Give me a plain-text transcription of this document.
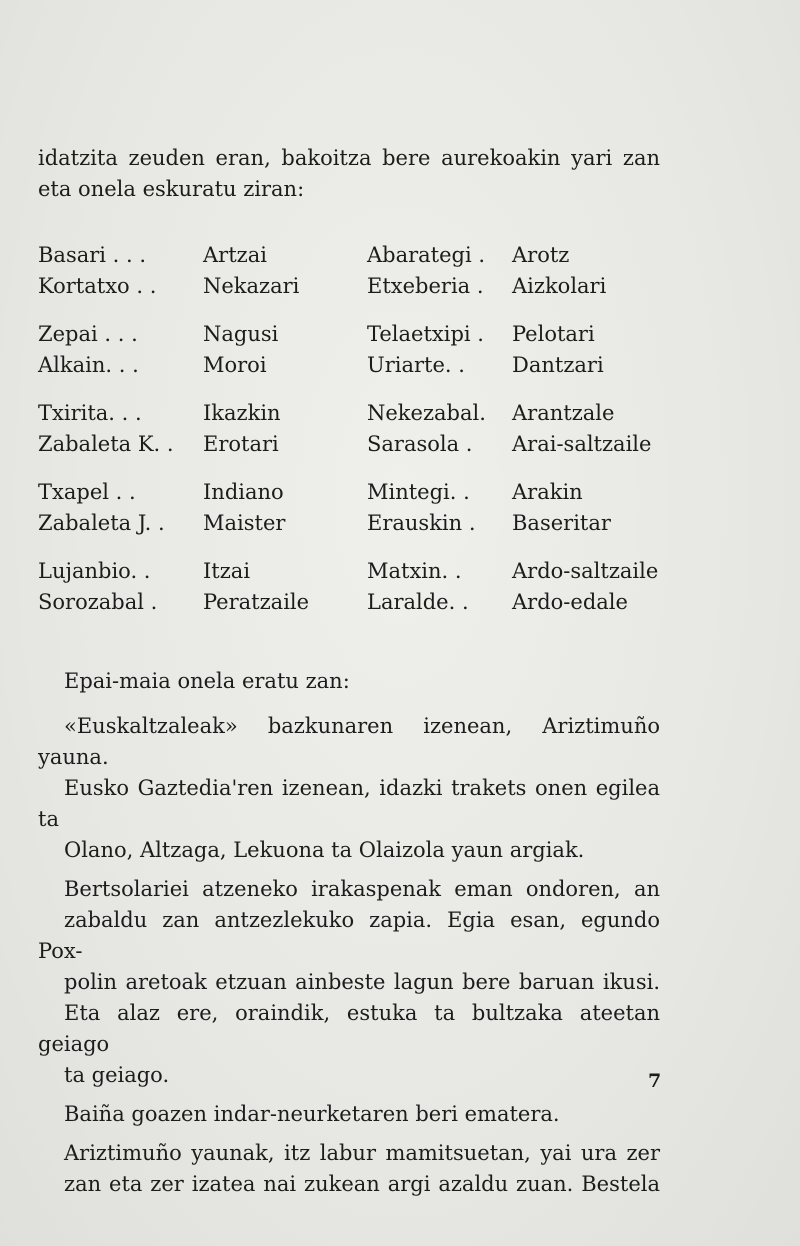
idatzita zeuden eran, bakoitza bere aurekoakin yari zan
eta onela eskuratu ziran:
Basari . . .	Artzai	Abarategi .	Arotz
Kortatxo . .	Nekazari	Etxeberia .	Aizkolari
Zepai . . .	Nagusi	Telaetxipi .	Pelotari
Alkain. . .	Moroi	Uriarte. .	Dantzari
Txirita. . .	Ikazkin	Nekezabal.	Arantzale
Zabaleta K. .	Erotari	Sarasola .	Arai-saltzaile
Txapel . .	Indiano	Mintegi. .	Arakin
Zabaleta J. .	Maister	Erauskin .	Baseritar
Lujanbio. .	Itzai	Matxin. .	Ardo-saltzaile
Sorozabal .	Peratzaile	Laralde. .	Ardo-edale

Epai-maia onela eratu zan:

«Euskaltzaleak» bazkunaren izenean, Ariztimuño yauna.
Eusko Gaztedia'ren izenean, idazki trakets onen egilea ta
Olano, Altzaga, Lekuona ta Olaizola yaun argiak.

Bertsolariei atzeneko irakaspenak eman ondoren, an
zabaldu zan antzezlekuko zapia. Egia esan, egundo Pox-
polin aretoak etzuan ainbeste lagun bere baruan ikusi.
Eta alaz ere, oraindik, estuka ta bultzaka ateetan geiago
ta geiago.

Baiña goazen indar-neurketaren beri ematera.

Ariztimuño yaunak, itz labur mamitsuetan, yai ura zer
zan eta zer izatea nai zukean argi azaldu zuan. Bestela

7
